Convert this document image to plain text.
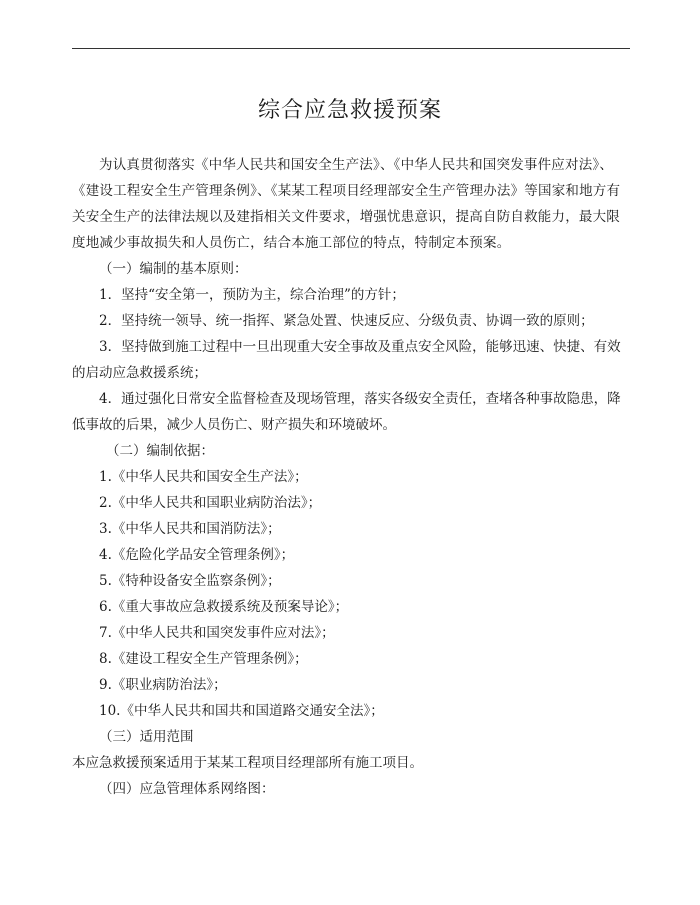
综合应急救援预案
为认真贯彻落实《中华人民共和国安全生产法》、《中华人民共和国突发事件应对法》、《建设工程安全生产管理条例》、《某某工程项目经理部安全生产管理办法》等国家和地方有关安全生产的法律法规以及建指相关文件要求，增强忧患意识，提高自防自救能力，最大限度地减少事故损失和人员伤亡，结合本施工部位的特点，特制定本预案。
（一）编制的基本原则：
1．坚持“安全第一，预防为主，综合治理”的方针；
2．坚持统一领导、统一指挥、紧急处置、快速反应、分级负责、协调一致的原则；
3．坚持做到施工过程中一旦出现重大安全事故及重点安全风险，能够迅速、快捷、有效的启动应急救援系统；
4．通过强化日常安全监督检查及现场管理，落实各级安全责任，查堵各种事故隐患，降低事故的后果，减少人员伤亡、财产损失和环境破坏。
（二）编制依据：
1.《中华人民共和国安全生产法》；
2.《中华人民共和国职业病防治法》；
3.《中华人民共和国消防法》；
4.《危险化学品安全管理条例》；
5.《特种设备安全监察条例》；
6.《重大事故应急救援系统及预案导论》；
7.《中华人民共和国突发事件应对法》；
8.《建设工程安全生产管理条例》；
9.《职业病防治法》；
10.《中华人民共和国共和国道路交通安全法》；
（三）适用范围
本应急救援预案适用于某某工程项目经理部所有施工项目。
（四）应急管理体系网络图：
